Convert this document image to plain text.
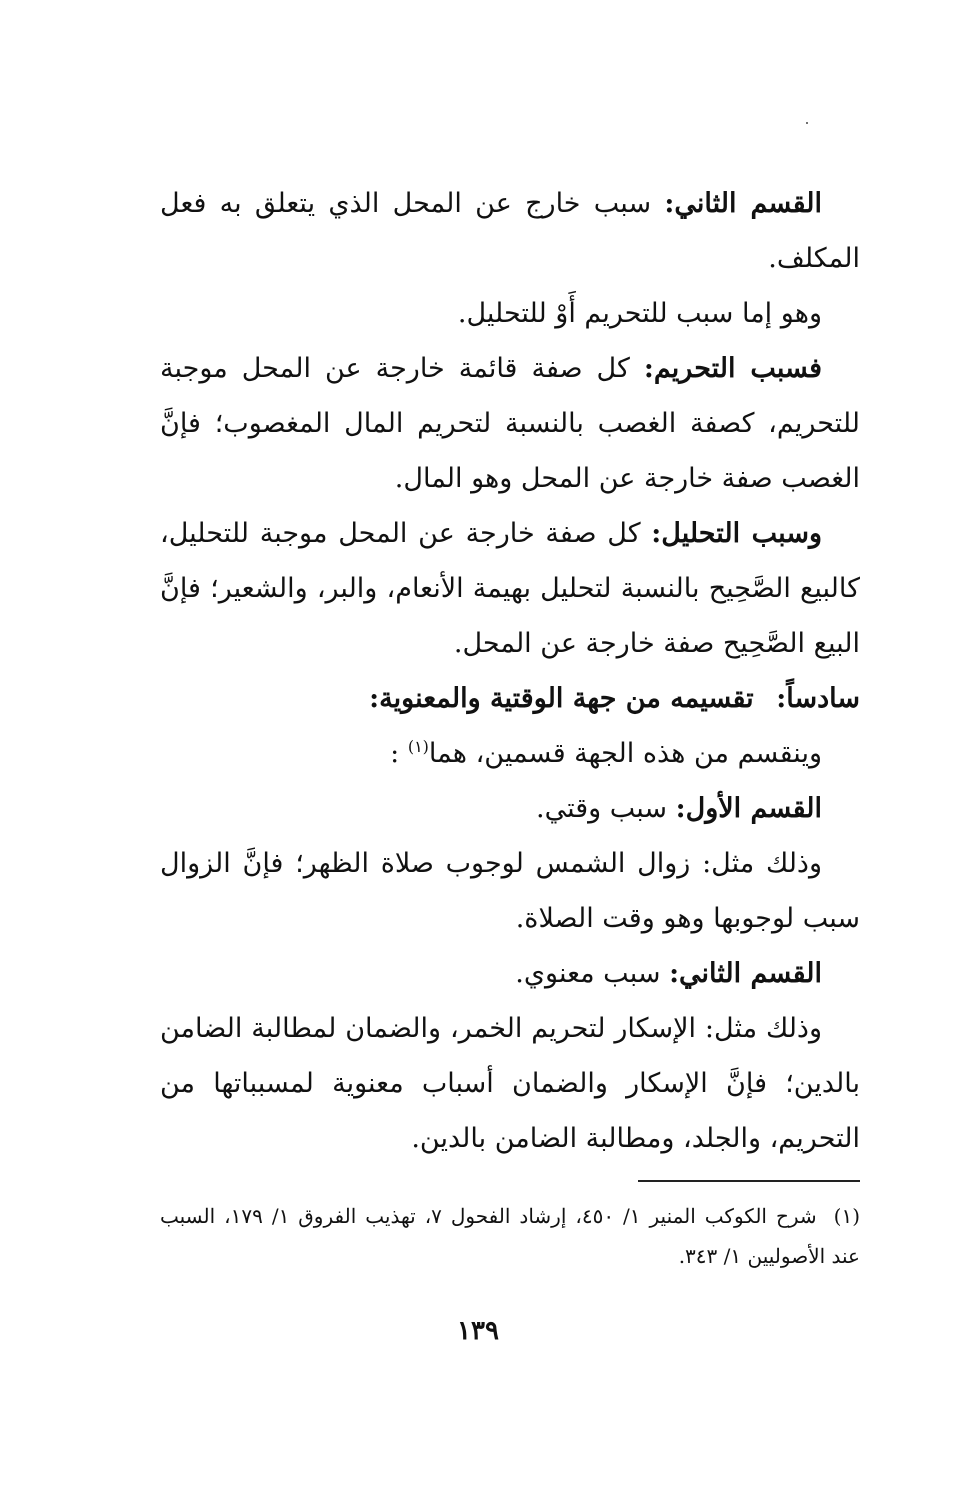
القسم الثاني: سبب خارج عن المحل الذي يتعلق به فعل المكلف.

وهو إما سبب للتحريم أَوْ للتحليل.

فسبب التحريم: كل صفة قائمة خارجة عن المحل موجبة للتحريم، كصفة الغصب بالنسبة لتحريم المال المغصوب؛ فإنَّ الغصب صفة خارجة عن المحل وهو المال.

وسبب التحليل: كل صفة خارجة عن المحل موجبة للتحليل، كالبيع الصَّحِيح بالنسبة لتحليل بهيمة الأنعام، والبر، والشعير؛ فإنَّ البيع الصَّحِيح صفة خارجة عن المحل.

سادساً: تقسيمه من جهة الوقتية والمعنوية:

وينقسم من هذه الجهة قسمين، هما$^{(١)}$ :

القسم الأول: سبب وقتي.

وذلك مثل: زوال الشمس لوجوب صلاة الظهر؛ فإنَّ الزوال سبب لوجوبها وهو وقت الصلاة.

القسم الثاني: سبب معنوي.

وذلك مثل: الإسكار لتحريم الخمر، والضمان لمطالبة الضامن بالدين؛ فإنَّ الإسكار والضمان أسباب معنوية لمسبباتها من التحريم، والجلد، ومطالبة الضامن بالدين.

(١) شرح الكوكب المنير ١/ ٤٥٠، إرشاد الفحول ٧، تهذيب الفروق ١/ ١٧٩، السبب عند الأصوليين ١/ ٣٤٣.

١٣٩
